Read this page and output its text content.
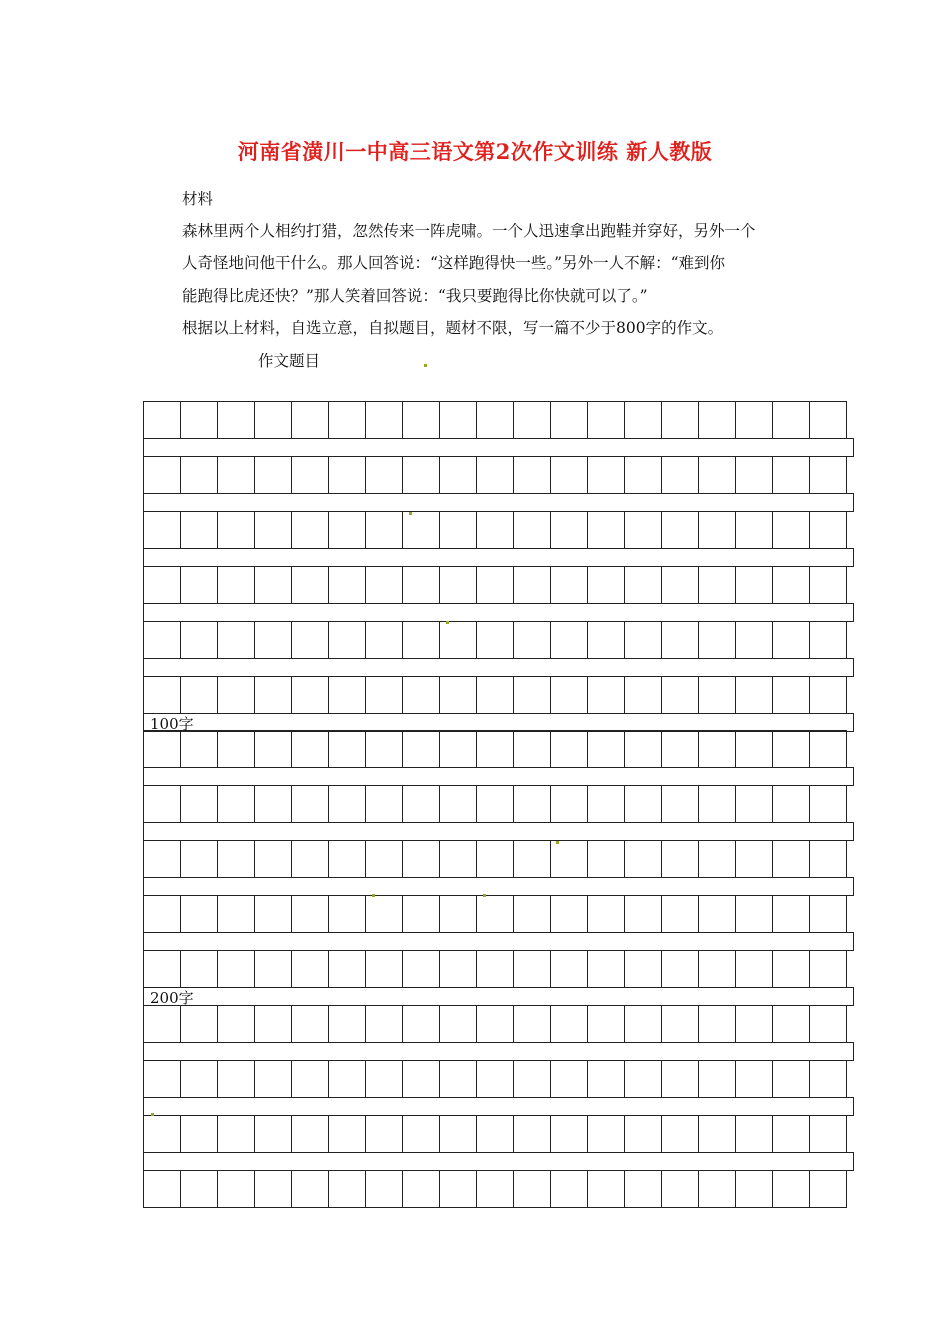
河南省潢川一中高三语文第2次作文训练 新人教版
材料
森林里两个人相约打猎，忽然传来一阵虎啸。一个人迅速拿出跑鞋并穿好，另外一个
人奇怪地问他干什么。那人回答说：“这样跑得快一些。”另外一人不解：“难到你
能跑得比虎还快？”那人笑着回答说：“我只要跑得比你快就可以了。”
根据以上材料，自选立意，自拟题目，题材不限，写一篇不少于800字的作文。
作文题目
100字
200字
